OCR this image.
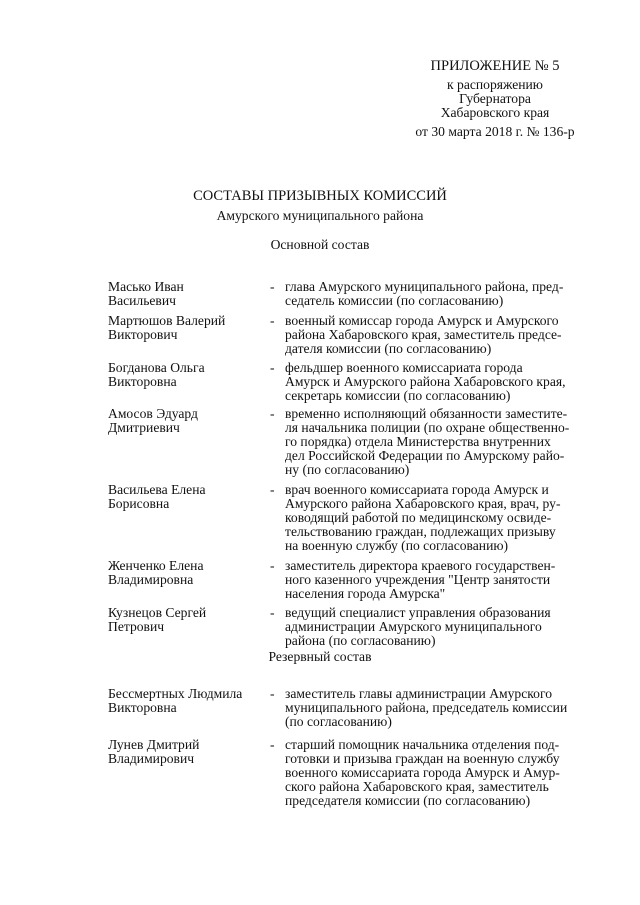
ПРИЛОЖЕНИЕ № 5
к распоряжению
Губернатора
Хабаровского края
от 30 марта 2018 г. № 136-р
СОСТАВЫ ПРИЗЫВНЫХ КОМИССИЙ
Амурского муниципального района
Основной состав
Масько Иван
Васильевич
- глава Амурского муниципального района, пред-
седатель комиссии (по согласованию)
Мартюшов Валерий
Викторович
- военный комиссар города Амурск и Амурского
района Хабаровского края, заместитель предсе-
дателя комиссии (по согласованию)
Богданова Ольга
Викторовна
- фельдшер военного комиссариата города
Амурск и Амурского района Хабаровского края,
секретарь комиссии (по согласованию)
Амосов Эдуард
Дмитриевич
- временно исполняющий обязанности заместите-
ля начальника полиции (по охране общественно-
го порядка) отдела Министерства внутренних
дел Российской Федерации по Амурскому райо-
ну (по согласованию)
Васильева Елена
Борисовна
- врач военного комиссариата города Амурск и
Амурского района Хабаровского края, врач, ру-
ководящий работой по медицинскому освиде-
тельствованию граждан, подлежащих призыву
на военную службу (по согласованию)
Женченко Елена
Владимировна
- заместитель директора краевого государствен-
ного казенного учреждения "Центр занятости
населения города Амурска"
Кузнецов Сергей
Петрович
- ведущий специалист управления образования
администрации Амурского муниципального
района (по согласованию)
Резервный состав
Бессмертных Людмила
Викторовна
- заместитель главы администрации Амурского
муниципального района, председатель комиссии
(по согласованию)
Лунев Дмитрий
Владимирович
- старший помощник начальника отделения под-
готовки и призыва граждан на военную службу
военного комиссариата города Амурск и Амур-
ского района Хабаровского края, заместитель
председателя комиссии (по согласованию)
